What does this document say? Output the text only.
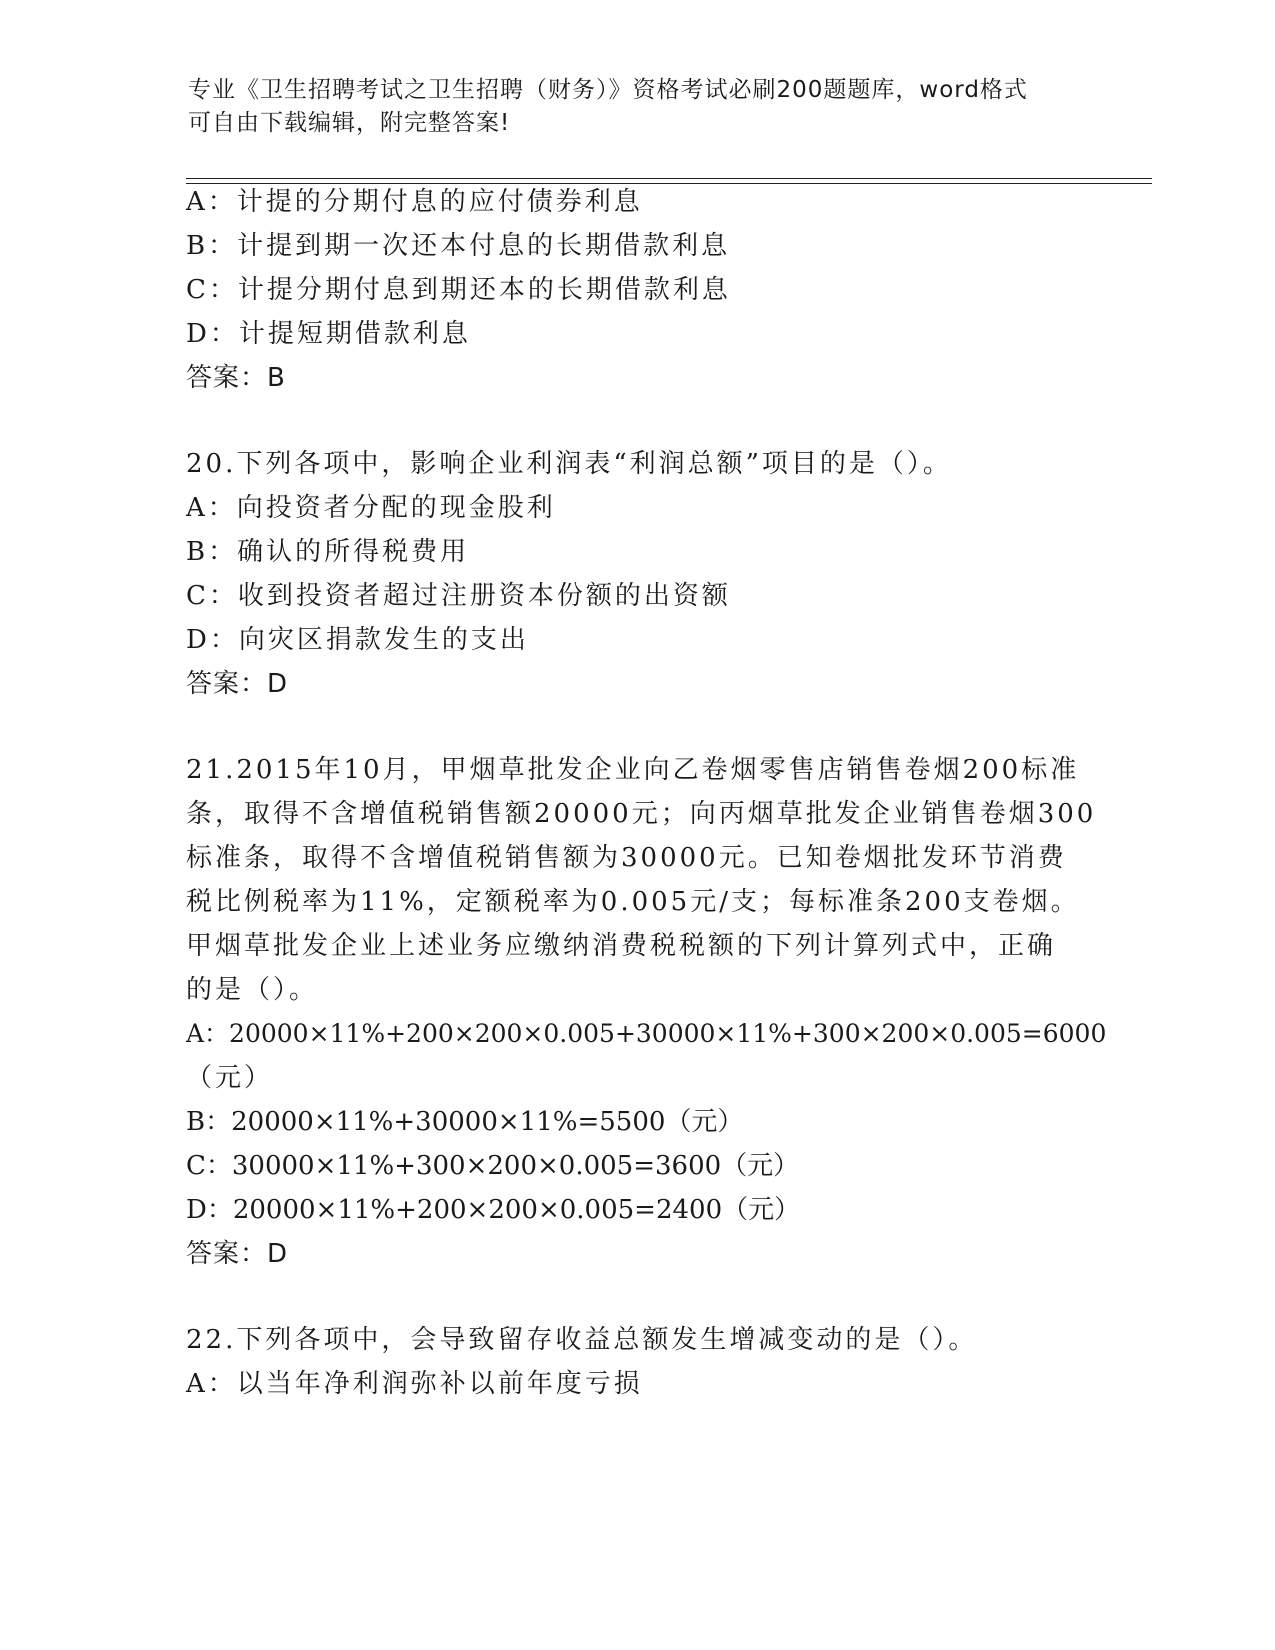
专业《卫生招聘考试之卫生招聘（财务）》资格考试必刷200题题库，word格式
可自由下载编辑，附完整答案!
A：计提的分期付息的应付债券利息
B：计提到期一次还本付息的长期借款利息
C：计提分期付息到期还本的长期借款利息
D：计提短期借款利息
答案：B
20.下列各项中，影响企业利润表“利润总额”项目的是（）。
A：向投资者分配的现金股利
B：确认的所得税费用
C：收到投资者超过注册资本份额的出资额
D：向灾区捐款发生的支出
答案：D
21.2015年10月，甲烟草批发企业向乙卷烟零售店销售卷烟200标准
条，取得不含增值税销售额20000元；向丙烟草批发企业销售卷烟300
标准条，取得不含增值税销售额为30000元。已知卷烟批发环节消费
税比例税率为11%，定额税率为0.005元/支；每标准条200支卷烟。
甲烟草批发企业上述业务应缴纳消费税税额的下列计算列式中，正确
的是（）。
A：20000×11%+200×200×0.005+30000×11%+300×200×0.005=6000
（元）
B：20000×11%+30000×11%=5500（元）
C：30000×11%+300×200×0.005=3600（元）
D：20000×11%+200×200×0.005=2400（元）
答案：D
22.下列各项中，会导致留存收益总额发生增减变动的是（）。
A：以当年净利润弥补以前年度亏损
